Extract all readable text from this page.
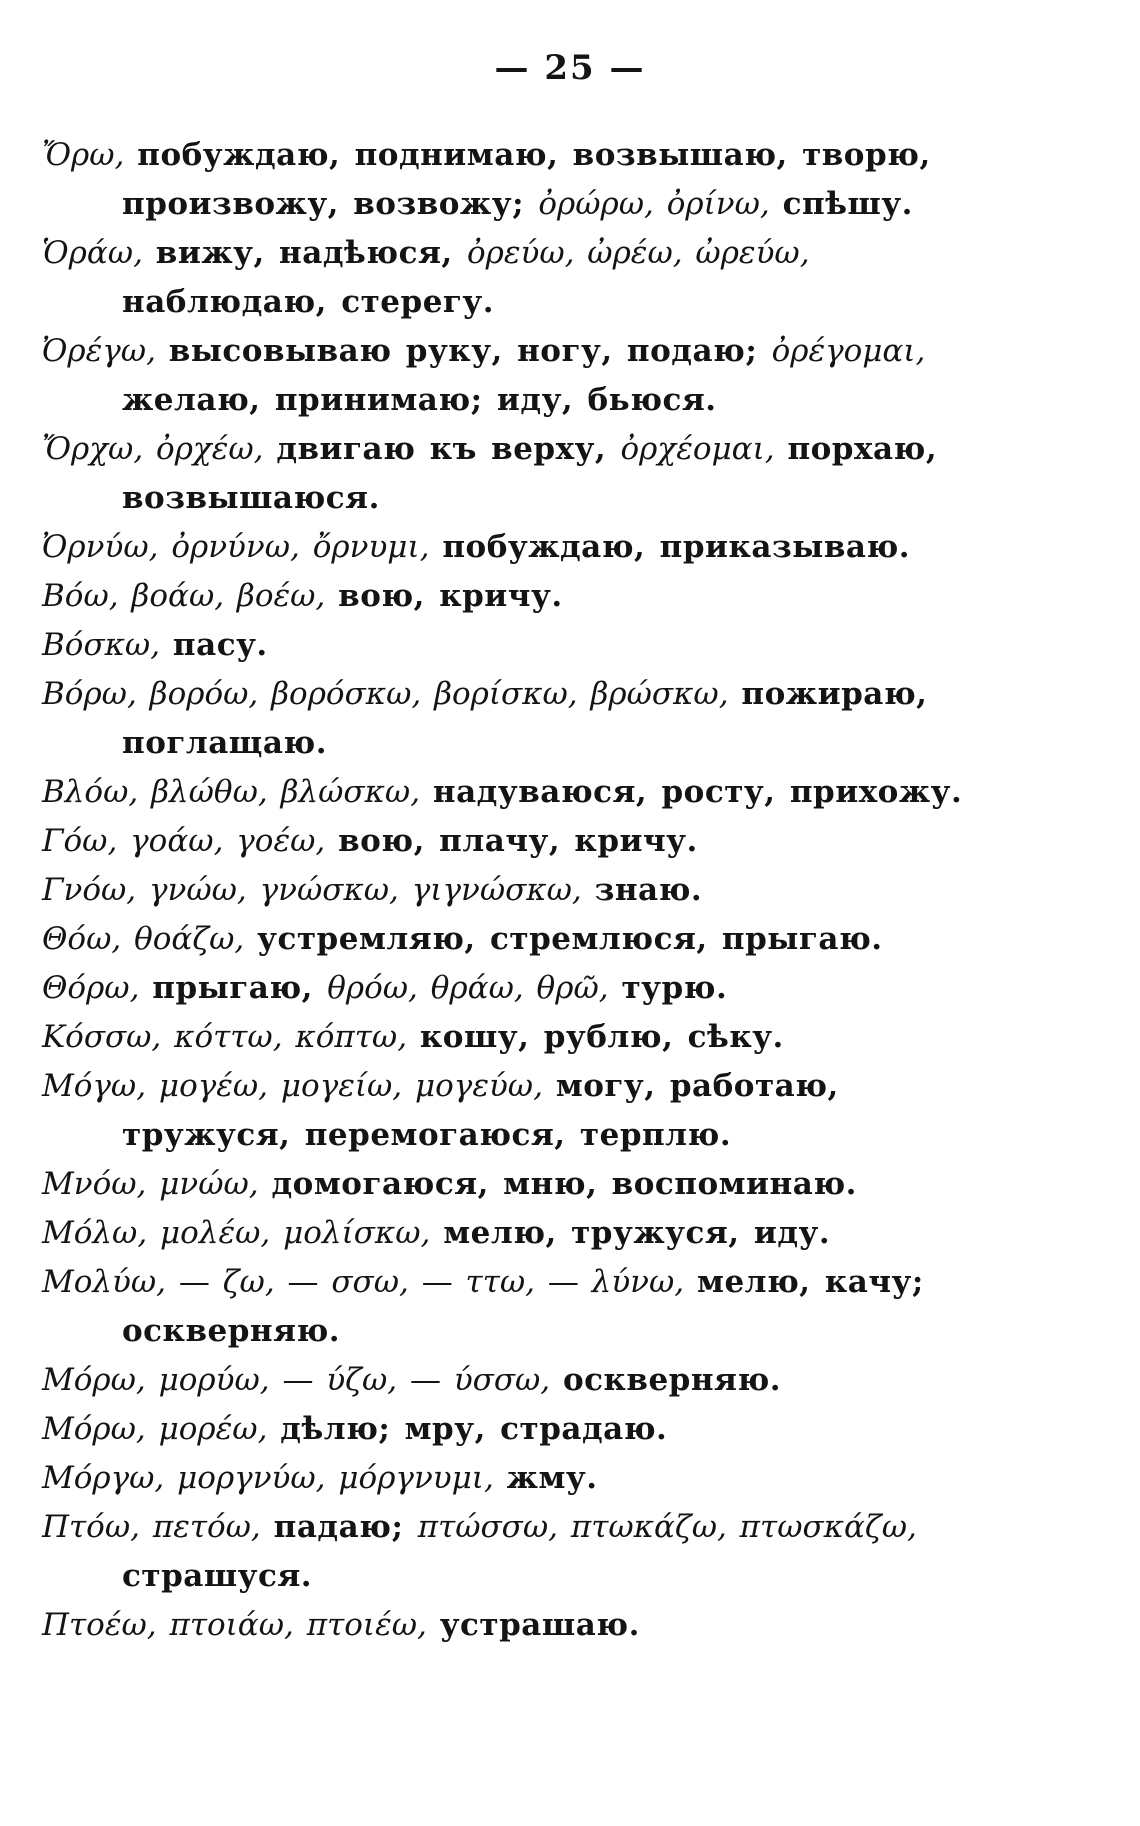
— 25 —
Ὄρω, побуждаю, поднимаю, возвышаю, творю, произвожу, возвожу; ὀρώρω, ὀρίνω, спѣшу.
Ὁράω, вижу, надѣюся, ὀρεύω, ὠρέω, ὠρεύω, наблюдаю, стерегу.
Ὀρέγω, высовываю руку, ногу, подаю; ὀρέγομαι, желаю, принимаю; иду, бьюся.
Ὄρχω, ὀρχέω, двигаю къ верху, ὀρχέομαι, порхаю, возвышаюся.
Ὀρνύω, ὀρνύνω, ὄρνυμι, побуждаю, приказываю.
Βόω, βοάω, βοέω, вою, кричу.
Βόσκω, пасу.
Βόρω, βορόω, βορόσκω, βορίσκω, βρώσκω, пожираю, поглащаю.
Βλόω, βλώθω, βλώσκω, надуваюся, росту, прихожу.
Γόω, γοάω, γοέω, вою, плачу, кричу.
Γνόω, γνώω, γνώσκω, γιγνώσκω, знаю.
Θόω, θοάζω, устремляю, стремлюся, прыгаю.
Θόρω, прыгаю, θρόω, θράω, θρῶ, турю.
Κόσσω, κόττω, κόπτω, кошу, рублю, сѣку.
Μόγω, μογέω, μογείω, μογεύω, могу, работаю, тружуся, перемогаюся, терплю.
Μνόω, μνώω, домогаюся, мню, воспоминаю.
Μόλω, μολέω, μολίσκω, мелю, тружуся, иду.
Μολύω, — ζω, — σσω, — ττω, — λύνω, мелю, качу; оскверняю.
Μόρω, μορύω, — ύζω, — ύσσω, оскверняю.
Μόρω, μορέω, дѣлю; мру, страдаю.
Μόργω, μοργνύω, μόργνυμι, жму.
Πτόω, πετόω, падаю; πτώσσω, πτωκάζω, πτωσκάζω, страшуся.
Πτοέω, πτοιάω, πτοιέω, устрашаю.
